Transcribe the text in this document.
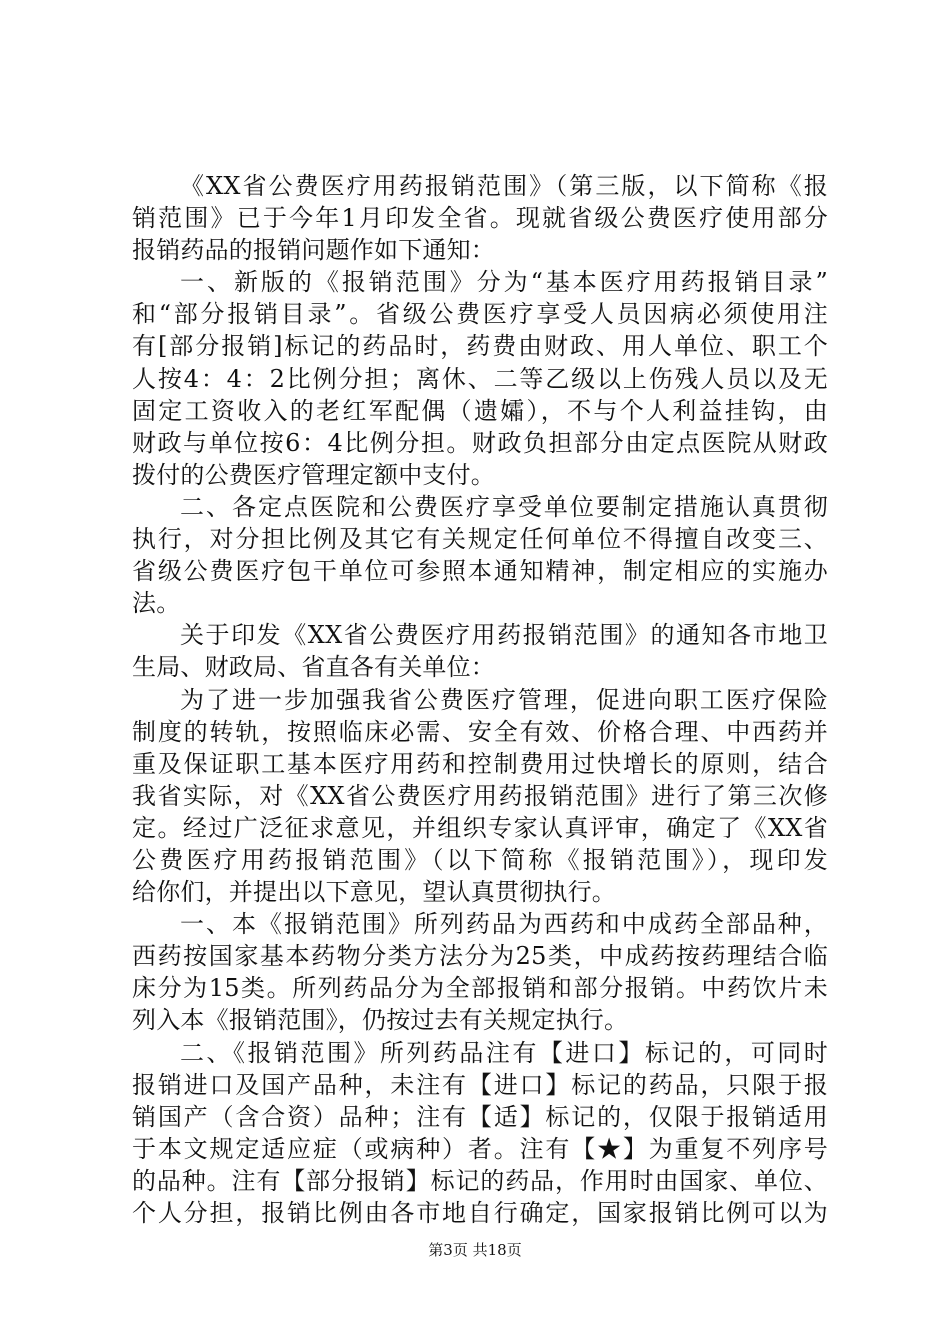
《XX省公费医疗用药报销范围》（第三版，以下简称《报
销范围》已于今年1月印发全省。现就省级公费医疗使用部分
报销药品的报销问题作如下通知：
一、新版的《报销范围》分为“基本医疗用药报销目录”
和“部分报销目录”。省级公费医疗享受人员因病必须使用注
有[部分报销]标记的药品时，药费由财政、用人单位、职工个
人按4：4：2比例分担；离休、二等乙级以上伤残人员以及无
固定工资收入的老红军配偶（遗孀），不与个人利益挂钩，由
财政与单位按6：4比例分担。财政负担部分由定点医院从财政
拨付的公费医疗管理定额中支付。
二、各定点医院和公费医疗享受单位要制定措施认真贯彻
执行，对分担比例及其它有关规定任何单位不得擅自改变三、
省级公费医疗包干单位可参照本通知精神，制定相应的实施办
法。
关于印发《XX省公费医疗用药报销范围》的通知各市地卫
生局、财政局、省直各有关单位：
为了进一步加强我省公费医疗管理，促进向职工医疗保险
制度的转轨，按照临床必需、安全有效、价格合理、中西药并
重及保证职工基本医疗用药和控制费用过快增长的原则，结合
我省实际，对《XX省公费医疗用药报销范围》进行了第三次修
定。经过广泛征求意见，并组织专家认真评审，确定了《XX省
公费医疗用药报销范围》（以下简称《报销范围》），现印发
给你们，并提出以下意见，望认真贯彻执行。
一、本《报销范围》所列药品为西药和中成药全部品种，
西药按国家基本药物分类方法分为25类，中成药按药理结合临
床分为15类。所列药品分为全部报销和部分报销。中药饮片未
列入本《报销范围》，仍按过去有关规定执行。
二、《报销范围》所列药品注有【进口】标记的，可同时
报销进口及国产品种，未注有【进口】标记的药品，只限于报
销国产（含合资）品种；注有【适】标记的，仅限于报销适用
于本文规定适应症（或病种）者。注有【★】为重复不列序号
的品种。注有【部分报销】标记的药品，作用时由国家、单位、
个人分担，报销比例由各市地自行确定，国家报销比例可以为
第3页 共18页
